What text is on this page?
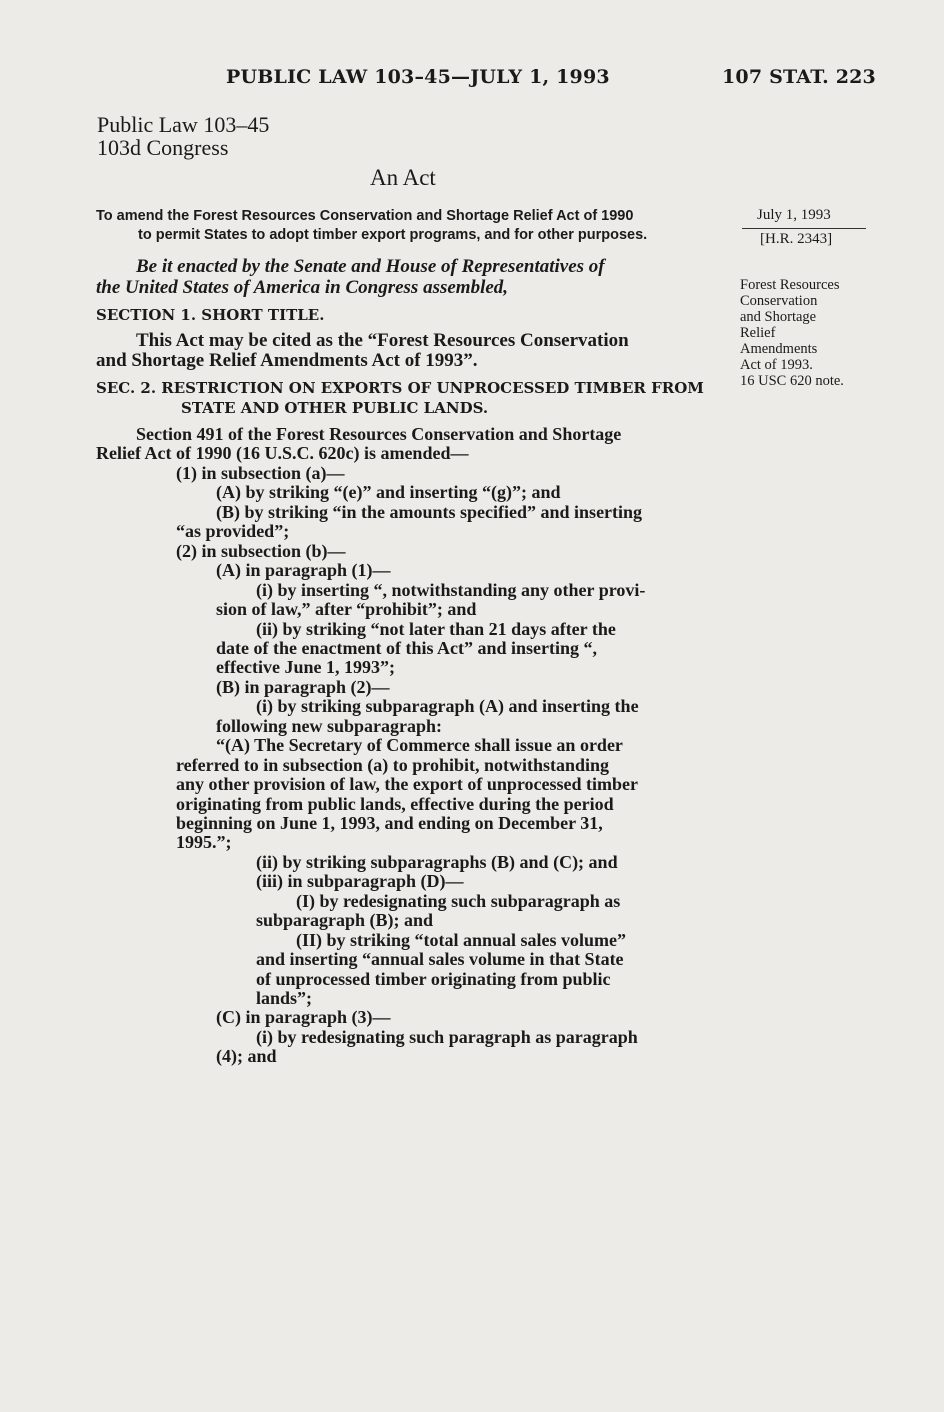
PUBLIC LAW 103–45—JULY 1, 1993	107 STAT. 223
Public Law 103–45
103d Congress
An Act
To amend the Forest Resources Conservation and Shortage Relief Act of 1990
to permit States to adopt timber export programs, and for other purposes.
July 1, 1993
[H.R. 2343]
Forest Resources
Conservation
and Shortage
Relief
Amendments
Act of 1993.
16 USC 620 note.
Be it enacted by the Senate and House of Representatives of
the United States of America in Congress assembled,
SECTION 1. SHORT TITLE.
This Act may be cited as the “Forest Resources Conservation
and Shortage Relief Amendments Act of 1993”.
SEC. 2. RESTRICTION ON EXPORTS OF UNPROCESSED TIMBER FROM
STATE AND OTHER PUBLIC LANDS.
Section 491 of the Forest Resources Conservation and Shortage
Relief Act of 1990 (16 U.S.C. 620c) is amended—
(1) in subsection (a)—
(A) by striking “(e)” and inserting “(g)”; and
(B) by striking “in the amounts specified” and inserting
“as provided”;
(2) in subsection (b)—
(A) in paragraph (1)—
(i) by inserting “, notwithstanding any other provi-
sion of law,” after “prohibit”; and
(ii) by striking “not later than 21 days after the
date of the enactment of this Act” and inserting “,
effective June 1, 1993”;
(B) in paragraph (2)—
(i) by striking subparagraph (A) and inserting the
following new subparagraph:
“(A) The Secretary of Commerce shall issue an order
referred to in subsection (a) to prohibit, notwithstanding
any other provision of law, the export of unprocessed timber
originating from public lands, effective during the period
beginning on June 1, 1993, and ending on December 31,
1995.”;
(ii) by striking subparagraphs (B) and (C); and
(iii) in subparagraph (D)—
(I) by redesignating such subparagraph as
subparagraph (B); and
(II) by striking “total annual sales volume”
and inserting “annual sales volume in that State
of unprocessed timber originating from public
lands”;
(C) in paragraph (3)—
(i) by redesignating such paragraph as paragraph
(4); and
